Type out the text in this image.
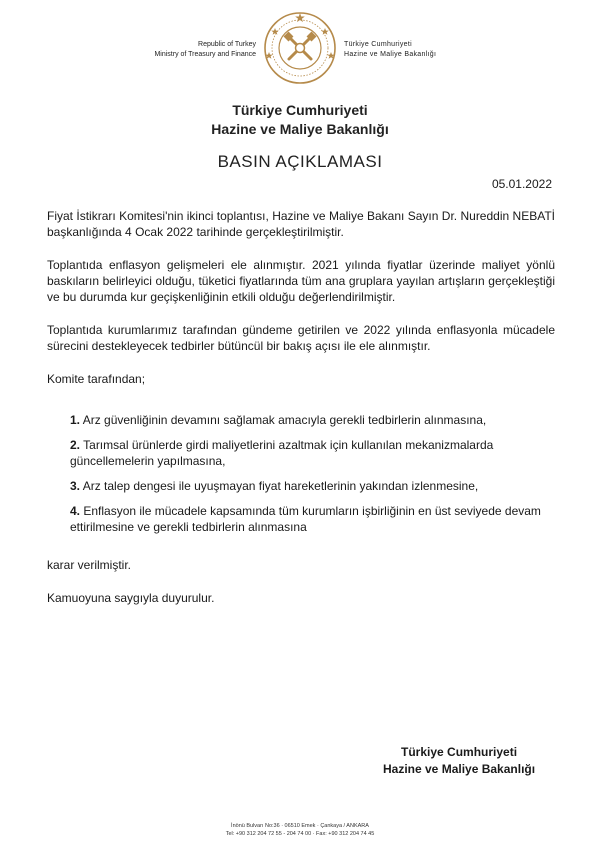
Republic of Turkey
Ministry of Treasury and Finance
Türkiye Cumhuriyeti
Hazine ve Maliye Bakanlığı
Türkiye Cumhuriyeti
Hazine ve Maliye Bakanlığı
BASIN AÇIKLAMASI
05.01.2022

Fiyat İstikrarı Komitesi'nin ikinci toplantısı, Hazine ve Maliye Bakanı Sayın Dr. Nureddin NEBATİ başkanlığında 4 Ocak 2022 tarihinde gerçekleştirilmiştir.

Toplantıda enflasyon gelişmeleri ele alınmıştır. 2021 yılında fiyatlar üzerinde maliyet yönlü baskıların belirleyici olduğu, tüketici fiyatlarında tüm ana gruplara yayılan artışların gerçekleştiği ve bu durumda kur geçişkenliğinin etkili olduğu değerlendirilmiştir.

Toplantıda kurumlarımız tarafından gündeme getirilen ve 2022 yılında enflasyonla mücadele sürecini destekleyecek tedbirler bütüncül bir bakış açısı ile ele alınmıştır.

Komite tarafından;

1. Arz güvenliğinin devamını sağlamak amacıyla gerekli tedbirlerin alınmasına,
2. Tarımsal ürünlerde girdi maliyetlerini azaltmak için kullanılan mekanizmalarda güncellemelerin yapılmasına,
3. Arz talep dengesi ile uyuşmayan fiyat hareketlerinin yakından izlenmesine,
4. Enflasyon ile mücadele kapsamında tüm kurumların işbirliğinin en üst seviyede devam ettirilmesine ve gerekli tedbirlerin alınmasına

karar verilmiştir.

Kamuoyuna saygıyla duyurulur.

Türkiye Cumhuriyeti
Hazine ve Maliye Bakanlığı
İnönü Bulvarı No:36 · 06510 Emek · Çankaya / ANKARA
Tel: +90 312 204 72 55 - 204 74 00 · Fax: +90 312 204 74 45
